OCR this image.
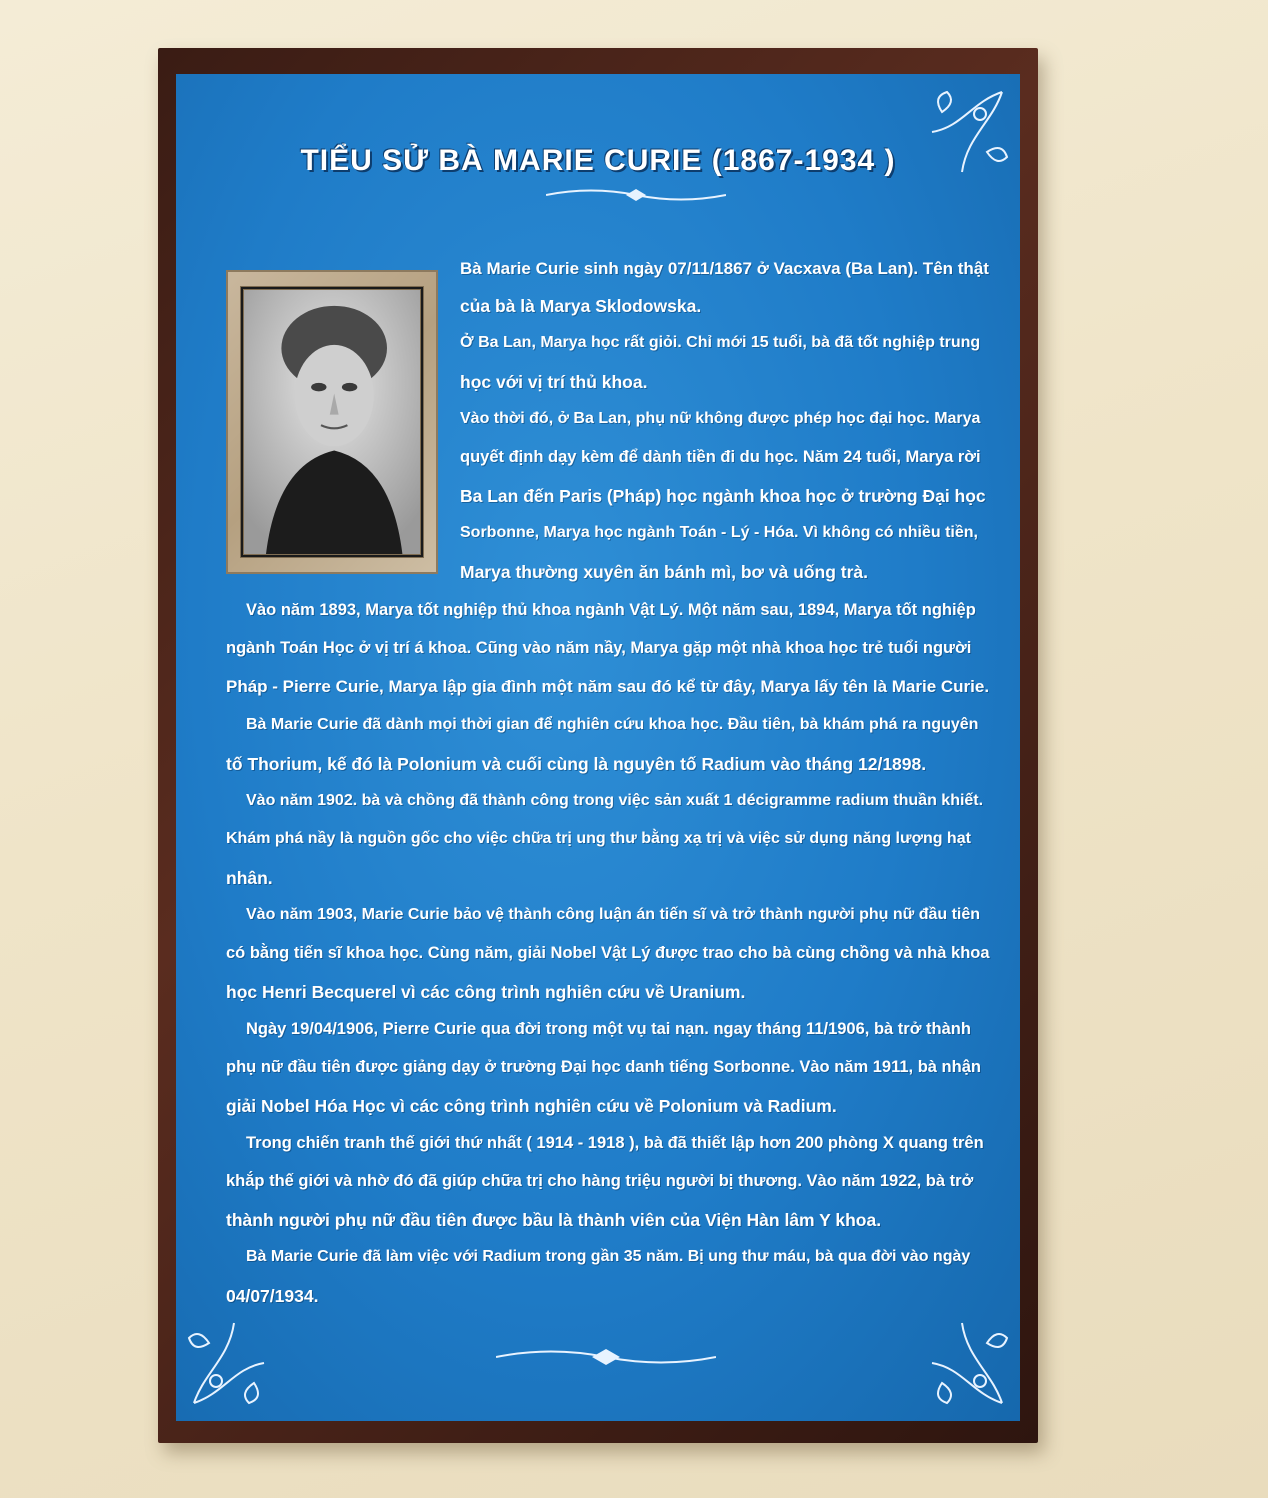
TIỂU SỬ BÀ MARIE CURIE (1867-1934 )
Bà Marie Curie sinh ngày 07/11/1867 ở Vacxava (Ba Lan). Tên thật
của bà là Marya Sklodowska.
Ở Ba Lan, Marya học rất giỏi. Chỉ mới 15 tuổi, bà đã tốt nghiệp trung
học với vị trí thủ khoa.
Vào thời đó, ở Ba Lan, phụ nữ không được phép học đại học. Marya
quyết định dạy kèm để dành tiền đi du học. Năm 24 tuổi, Marya rời
Ba Lan đến Paris (Pháp) học ngành khoa học ở trường Đại học
Sorbonne, Marya học ngành Toán - Lý - Hóa. Vì không có nhiều tiền,
Marya thường xuyên ăn bánh mì, bơ và uống trà.
Vào năm 1893, Marya tốt nghiệp thủ khoa ngành Vật Lý. Một năm sau, 1894, Marya tốt nghiệp
ngành Toán Học ở vị trí á khoa. Cũng vào năm nầy, Marya gặp một nhà khoa học trẻ tuổi người
Pháp - Pierre Curie, Marya lập gia đình một năm sau đó kể từ đây, Marya lấy tên là Marie Curie.
Bà Marie Curie đã dành mọi thời gian để nghiên cứu khoa học. Đầu tiên, bà khám phá ra nguyên
tố Thorium, kế đó là Polonium và cuối cùng là nguyên tố Radium vào tháng 12/1898.
Vào năm 1902. bà và chồng đã thành công trong việc sản xuất 1 décigramme radium thuần khiết.
Khám phá nầy là nguồn gốc cho việc chữa trị ung thư bằng xạ trị và việc sử dụng năng lượng hạt
nhân.
Vào năm 1903, Marie Curie bảo vệ thành công luận án tiến sĩ và trở thành người phụ nữ đầu tiên
có bằng tiến sĩ khoa học. Cùng năm, giải Nobel Vật Lý được trao cho bà cùng chồng và nhà khoa
học Henri Becquerel vì các công trình nghiên cứu về Uranium.
Ngày 19/04/1906, Pierre Curie qua đời trong một vụ tai nạn. ngay tháng 11/1906, bà trở thành
phụ nữ đầu tiên được giảng dạy ở trường Đại học danh tiếng Sorbonne. Vào năm 1911, bà nhận
giải Nobel Hóa Học vì các công trình nghiên cứu về Polonium và Radium.
Trong chiến tranh thế giới thứ nhất ( 1914 - 1918 ), bà đã thiết lập hơn 200 phòng X quang trên
khắp thế giới và nhờ đó đã giúp chữa trị cho hàng triệu người bị thương. Vào năm 1922, bà trở
thành người phụ nữ đầu tiên được bầu là thành viên của Viện Hàn lâm Y khoa.
Bà Marie Curie đã làm việc với Radium trong gần 35 năm. Bị ung thư máu, bà qua đời vào ngày
04/07/1934.
